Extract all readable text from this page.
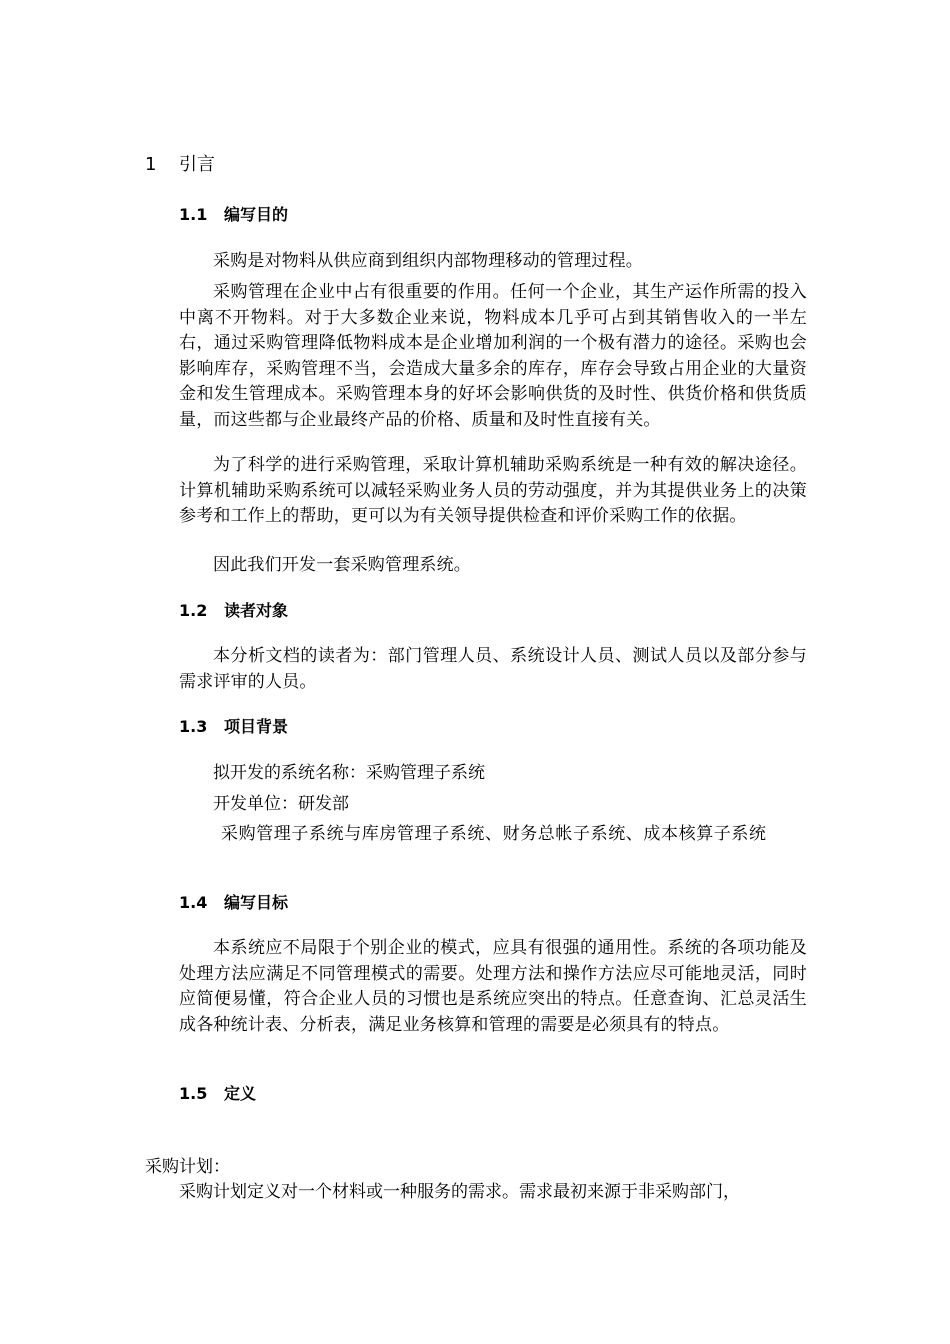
1 引言
1.1 编写目的

采购是对物料从供应商到组织内部物理移动的管理过程。

采购管理在企业中占有很重要的作用。任何一个企业，其生产运作所需的投入中离不开物料。对于大多数企业来说，物料成本几乎可占到其销售收入的一半左右，通过采购管理降低物料成本是企业增加利润的一个极有潜力的途径。采购也会影响库存，采购管理不当，会造成大量多余的库存，库存会导致占用企业的大量资金和发生管理成本。采购管理本身的好坏会影响供货的及时性、供货价格和供货质量，而这些都与企业最终产品的价格、质量和及时性直接有关。

为了科学的进行采购管理，采取计算机辅助采购系统是一种有效的解决途径。计算机辅助采购系统可以减轻采购业务人员的劳动强度，并为其提供业务上的决策参考和工作上的帮助，更可以为有关领导提供检查和评价采购工作的依据。

因此我们开发一套采购管理系统。

1.2 读者对象

本分析文档的读者为：部门管理人员、系统设计人员、测试人员以及部分参与需求评审的人员。

1.3 项目背景

拟开发的系统名称：采购管理子系统

开发单位：研发部

采购管理子系统与库房管理子系统、财务总帐子系统、成本核算子系统

1.4 编写目标

本系统应不局限于个别企业的模式，应具有很强的通用性。系统的各项功能及处理方法应满足不同管理模式的需要。处理方法和操作方法应尽可能地灵活，同时应简便易懂，符合企业人员的习惯也是系统应突出的特点。任意查询、汇总灵活生成各种统计表、分析表，满足业务核算和管理的需要是必须具有的特点。

1.5 定义

采购计划：

采购计划定义对一个材料或一种服务的需求。需求最初来源于非采购部门，
